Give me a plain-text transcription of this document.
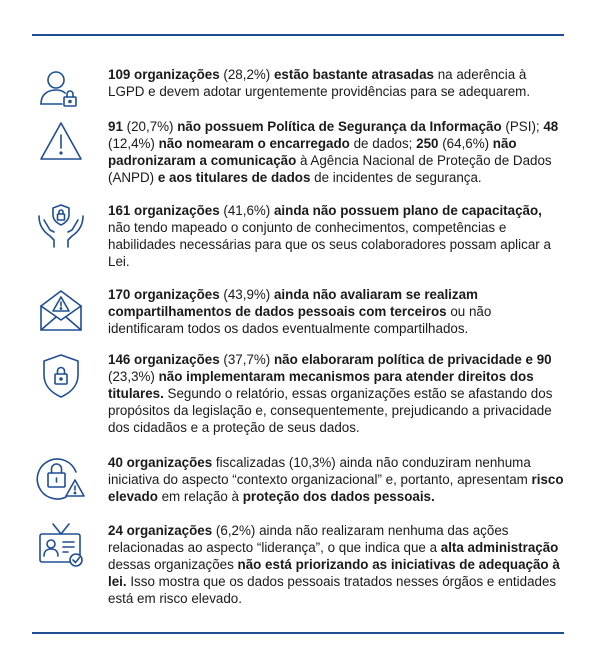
109 organizações (28,2%) estão bastante atrasadas na aderência à LGPD e devem adotar urgentemente providências para se adequarem.

91 (20,7%) não possuem Política de Segurança da Informação (PSI); 48 (12,4%) não nomearam o encarregado de dados; 250 (64,6%) não padronizaram a comunicação à Agência Nacional de Proteção de Dados (ANPD) e aos titulares de dados de incidentes de segurança.

161 organizações (41,6%) ainda não possuem plano de capacitação, não tendo mapeado o conjunto de conhecimentos, competências e habilidades necessárias para que os seus colaboradores possam aplicar a Lei.

170 organizações (43,9%) ainda não avaliaram se realizam compartilhamentos de dados pessoais com terceiros ou não identificaram todos os dados eventualmente compartilhados.

146 organizações (37,7%) não elaboraram política de privacidade e 90 (23,3%) não implementaram mecanismos para atender direitos dos titulares. Segundo o relatório, essas organizações estão se afastando dos propósitos da legislação e, consequentemente, prejudicando a privacidade dos cidadãos e a proteção de seus dados.

40 organizações fiscalizadas (10,3%) ainda não conduziram nenhuma iniciativa do aspecto “contexto organizacional” e, portanto, apresentam risco elevado em relação à proteção dos dados pessoais.

24 organizações (6,2%) ainda não realizaram nenhuma das ações relacionadas ao aspecto “liderança”, o que indica que a alta administração dessas organizações não está priorizando as iniciativas de adequação à lei. Isso mostra que os dados pessoais tratados nesses órgãos e entidades está em risco elevado.
